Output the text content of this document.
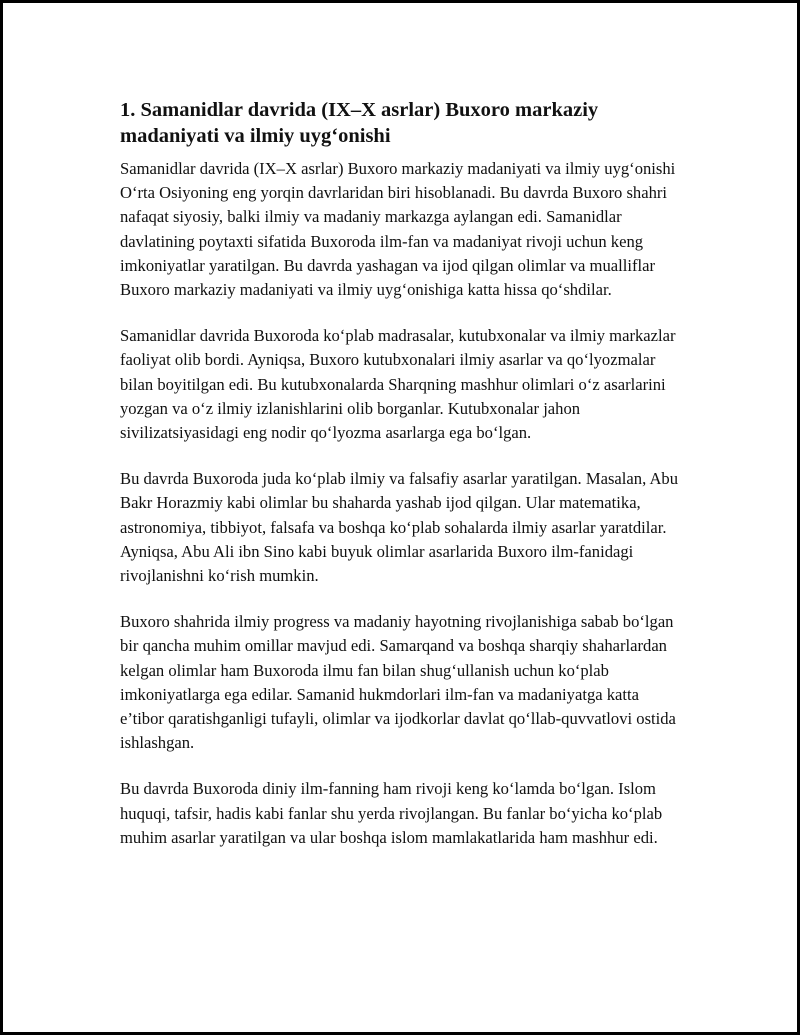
1. Samanidlar davrida (IX–X asrlar) Buxoro markaziy madaniyati va ilmiy uyg‘onishi

Samanidlar davrida (IX–X asrlar) Buxoro markaziy madaniyati va ilmiy uyg‘onishi O‘rta Osiyoning eng yorqin davrlaridan biri hisoblanadi. Bu davrda Buxoro shahri nafaqat siyosiy, balki ilmiy va madaniy markazga aylangan edi. Samanidlar davlatining poytaxti sifatida Buxoroda ilm-fan va madaniyat rivoji uchun keng imkoniyatlar yaratilgan. Bu davrda yashagan va ijod qilgan olimlar va mualliflar Buxoro markaziy madaniyati va ilmiy uyg‘onishiga katta hissa qo‘shdilar.

Samanidlar davrida Buxoroda ko‘plab madrasalar, kutubxonalar va ilmiy markazlar faoliyat olib bordi. Ayniqsa, Buxoro kutubxonalari ilmiy asarlar va qo‘lyozmalar bilan boyitilgan edi. Bu kutubxonalarda Sharqning mashhur olimlari o‘z asarlarini yozgan va o‘z ilmiy izlanishlarini olib borganlar. Kutubxonalar jahon sivilizatsiyasidagi eng nodir qo‘lyozma asarlarga ega bo‘lgan.

Bu davrda Buxoroda juda ko‘plab ilmiy va falsafiy asarlar yaratilgan. Masalan, Abu Bakr Horazmiy kabi olimlar bu shaharda yashab ijod qilgan. Ular matematika, astronomiya, tibbiyot, falsafa va boshqa ko‘plab sohalarda ilmiy asarlar yaratdilar. Ayniqsa, Abu Ali ibn Sino kabi buyuk olimlar asarlarida Buxoro ilm-fanidagi rivojlanishni ko‘rish mumkin.

Buxoro shahrida ilmiy progress va madaniy hayotning rivojlanishiga sabab bo‘lgan bir qancha muhim omillar mavjud edi. Samarqand va boshqa sharqiy shaharlardan kelgan olimlar ham Buxoroda ilmu fan bilan shug‘ullanish uchun ko‘plab imkoniyatlarga ega edilar. Samanid hukmdorlari ilm-fan va madaniyatga katta e’tibor qaratishganligi tufayli, olimlar va ijodkorlar davlat qo‘llab-quvvatlovi ostida ishlashgan.

Bu davrda Buxoroda diniy ilm-fanning ham rivoji keng ko‘lamda bo‘lgan. Islom huquqi, tafsir, hadis kabi fanlar shu yerda rivojlangan. Bu fanlar bo‘yicha ko‘plab muhim asarlar yaratilgan va ular boshqa islom mamlakatlarida ham mashhur edi.
